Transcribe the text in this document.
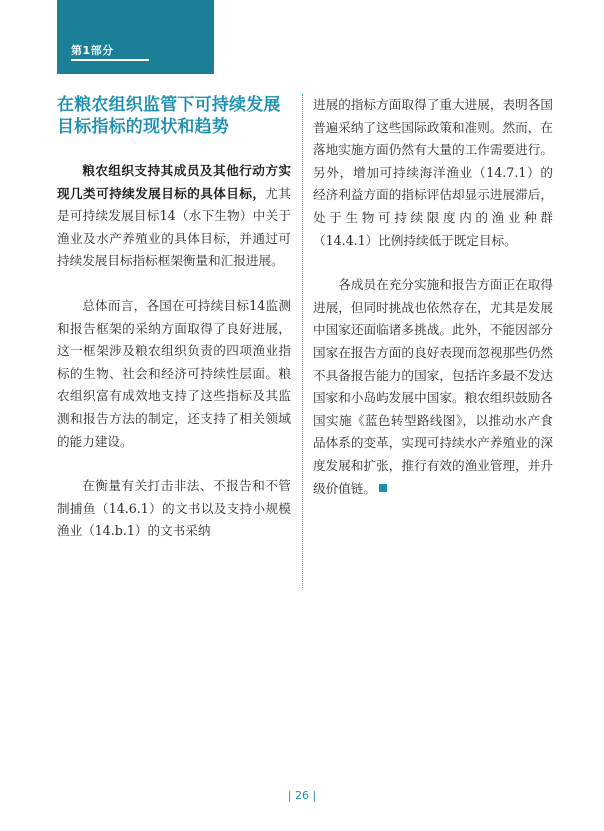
第1部分
在粮农组织监管下可持续发展目标指标的现状和趋势

粮农组织支持其成员及其他行动方实现几类可持续发展目标的具体目标，尤其是可持续发展目标14（水下生物）中关于渔业及水产养殖业的具体目标，并通过可持续发展目标指标框架衡量和汇报进展。

总体而言，各国在可持续目标14监测和报告框架的采纳方面取得了良好进展，这一框架涉及粮农组织负责的四项渔业指标的生物、社会和经济可持续性层面。粮农组织富有成效地支持了这些指标及其监测和报告方法的制定，还支持了相关领域的能力建设。

在衡量有关打击非法、不报告和不管制捕鱼（14.6.1）的文书以及支持小规模渔业（14.b.1）的文书采纳

进展的指标方面取得了重大进展，表明各国普遍采纳了这些国际政策和准则。然而，在落地实施方面仍然有大量的工作需要进行。另外，增加可持续海洋渔业（14.7.1）的经济利益方面的指标评估却显示进展滞后，处于生物可持续限度内的渔业种群（14.4.1）比例持续低于既定目标。

各成员在充分实施和报告方面正在取得进展，但同时挑战也依然存在，尤其是发展中国家还面临诸多挑战。此外，不能因部分国家在报告方面的良好表现而忽视那些仍然不具备报告能力的国家，包括许多最不发达国家和小岛屿发展中国家。粮农组织鼓励各国实施《蓝色转型路线图》，以推动水产食品体系的变革，实现可持续水产养殖业的深度发展和扩张，推行有效的渔业管理，并升级价值链。

| 26 |
